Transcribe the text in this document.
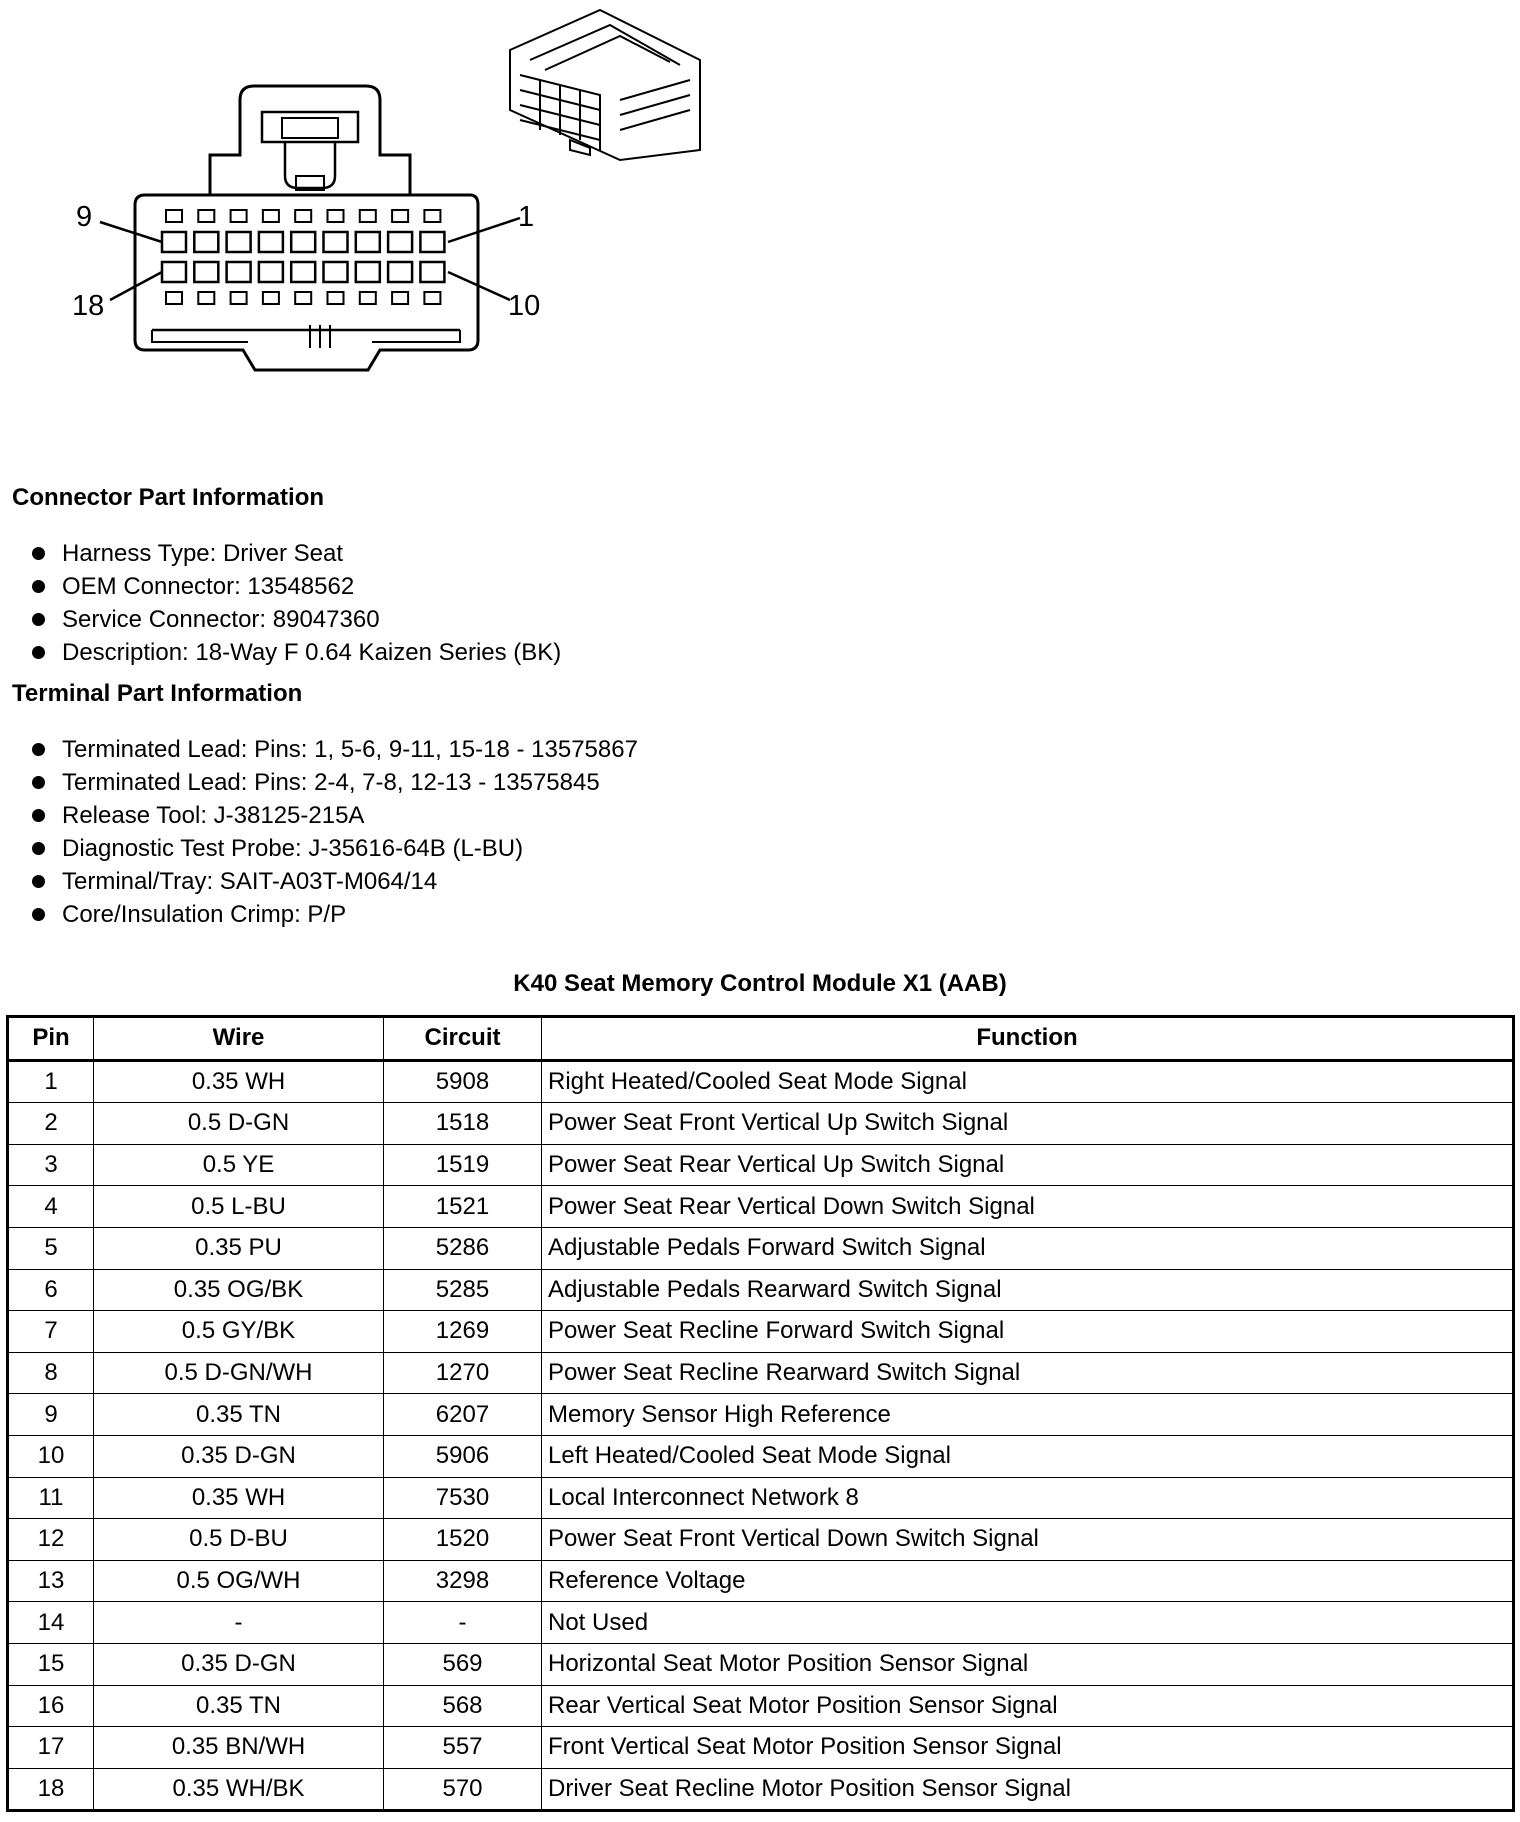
9	1
18	10
Connector Part Information
Harness Type: Driver Seat
OEM Connector: 13548562
Service Connector: 89047360
Description: 18-Way F 0.64 Kaizen Series (BK)
Terminal Part Information
Terminated Lead: Pins: 1, 5-6, 9-11, 15-18 - 13575867
Terminated Lead: Pins: 2-4, 7-8, 12-13 - 13575845
Release Tool: J-38125-215A
Diagnostic Test Probe: J-35616-64B (L-BU)
Terminal/Tray: SAIT-A03T-M064/14
Core/Insulation Crimp: P/P
K40 Seat Memory Control Module X1 (AAB)
Pin	Wire	Circuit	Function
1	0.35 WH	5908	Right Heated/Cooled Seat Mode Signal
2	0.5 D-GN	1518	Power Seat Front Vertical Up Switch Signal
3	0.5 YE	1519	Power Seat Rear Vertical Up Switch Signal
4	0.5 L-BU	1521	Power Seat Rear Vertical Down Switch Signal
5	0.35 PU	5286	Adjustable Pedals Forward Switch Signal
6	0.35 OG/BK	5285	Adjustable Pedals Rearward Switch Signal
7	0.5 GY/BK	1269	Power Seat Recline Forward Switch Signal
8	0.5 D-GN/WH	1270	Power Seat Recline Rearward Switch Signal
9	0.35 TN	6207	Memory Sensor High Reference
10	0.35 D-GN	5906	Left Heated/Cooled Seat Mode Signal
11	0.35 WH	7530	Local Interconnect Network 8
12	0.5 D-BU	1520	Power Seat Front Vertical Down Switch Signal
13	0.5 OG/WH	3298	Reference Voltage
14	-	-	Not Used
15	0.35 D-GN	569	Horizontal Seat Motor Position Sensor Signal
16	0.35 TN	568	Rear Vertical Seat Motor Position Sensor Signal
17	0.35 BN/WH	557	Front Vertical Seat Motor Position Sensor Signal
18	0.35 WH/BK	570	Driver Seat Recline Motor Position Sensor Signal
